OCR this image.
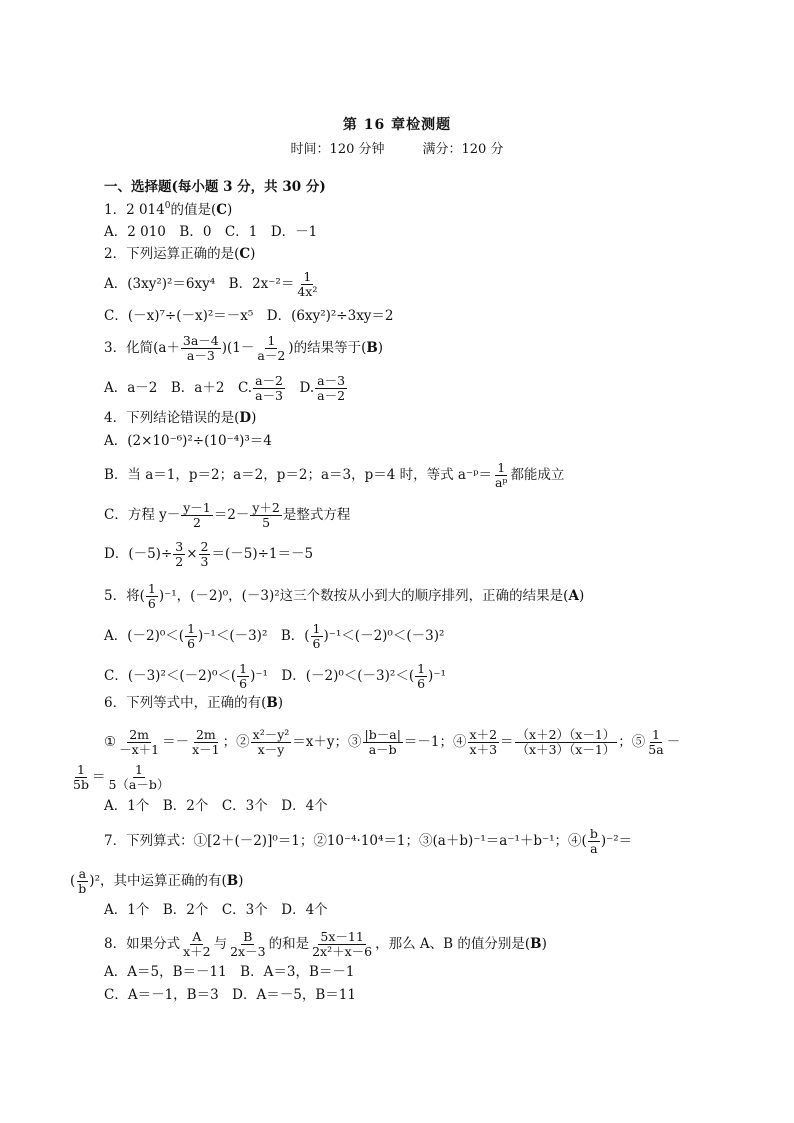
第 16 章检测题
时间：120 分钟	满分：120 分
一、选择题(每小题 3 分，共 30 分)
1．2 $014^0$的值是(C)
A．2 010　B．0　C．1　D．－1
2．下列运算正确的是(C)
A．(3xy²)²＝6xy⁴　B．$2x^{-2}= \frac{1}{\text{4x²}}$
C．(－x)⁷÷(－x)²＝－x⁵　D．(6xy²)²÷3xy＝2
3．化简$(a+ \frac{3a-4}{a-3} )(1- \frac{1}{a-2}$ )的结果等于(B)
A．a－2　B．a＋2　C. $\frac{a-2}{a-3}$ 　D. $\frac{a-3}{a-2}$
4．下列结论错误的是(D)
A．(2×10⁻⁶)²÷(10⁻⁴)³＝4
B．当 a＝1，p＝2；a＝2，p＝2；a＝3，p＝4 时，等式 a⁻ᵖ＝ $\frac{1}{\text{aᵖ}}$ 都能成立
C．方程 $y- \frac{y-1}{2} =2- \frac{y+2}{5}$ 是整式方程
D．$(-5)\div \frac{3}{2} \times \frac{2}{3} =(-5)\div 1=-5$
5．将( $\frac{1}{6} )^{-1}$，(－2)⁰，(－3)²这三个数按从小到大的顺序排列，正确的结果是(A)
A．$(-2)^0<( \frac{1}{6} )^{-1}<(-3)^2$　B．( $\frac{1}{6} )^{-1}<(-2)^0<(-3)^2$
C．$(-3)^2<(-2)^0<( \frac{1}{6} )^{-1}$　D．$(-2)^0<(-3)^2<( \frac{1}{6} )^{-1}$
6．下列等式中，正确的有(B)
① $\frac{2m}{-x+1} =- \frac{2m}{x-1}$ ；② $\frac{\text{x²－y²}}{x-y} =x+y$；③ $\frac{|b-a|}{a-b} =-1$；④ $\frac{x+2}{x+3} = \frac{(x+2)(x-1)}{(x+3)(x-1)}$ ；⑤ $\frac{1}{5a}$ －
$\frac{1}{5b} = \frac{1}{5(a-b)}$
A．1个　B．2个　C．3个　D．4个
7．下列算式：①[2＋(－2)]⁰＝1；②10⁻⁴·10⁴＝1；③(a＋b)⁻¹＝a⁻¹＋b⁻¹；④( $\frac{b}{a} )^{-2}=$
( $\frac{a}{b} )^2$，其中运算正确的有(B)
A．1个　B．2个　C．3个　D．4个
8．如果分式 $\frac{A}{x+2}$ 与 $\frac{B}{2x-3}$ 的和是 $\frac{5x-11}{\text{2x²＋x－6}}$ ，那么 A、B 的值分别是(B)
A．A＝5，B＝－11　B．A＝3，B＝－1
C．A＝－1，B＝3　D．A＝－5，B＝11
